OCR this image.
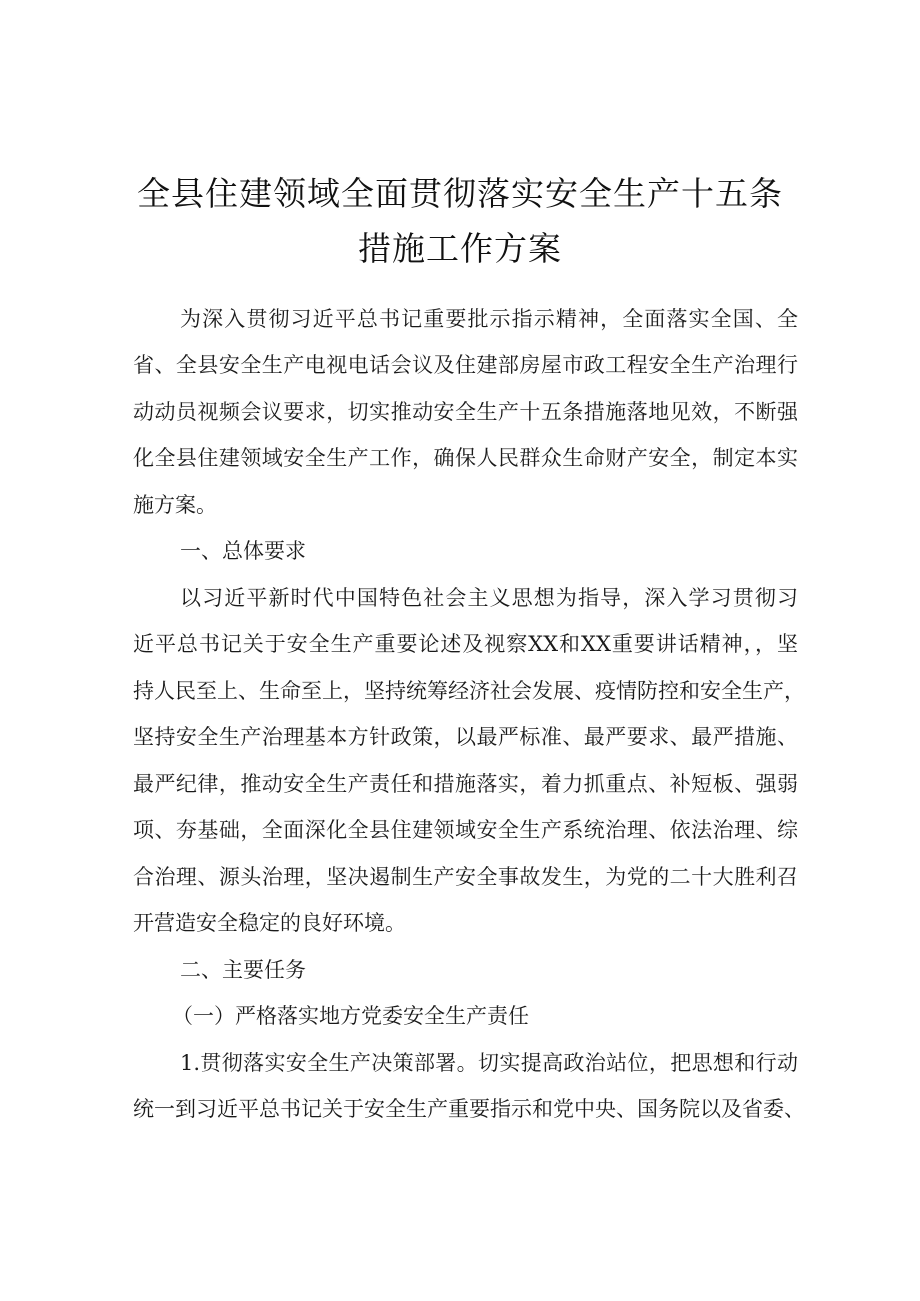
全县住建领域全面贯彻落实安全生产十五条
措施工作方案
为深入贯彻习近平总书记重要批示指示精神，全面落实全国、全
省、全县安全生产电视电话会议及住建部房屋市政工程安全生产治理行
动动员视频会议要求，切实推动安全生产十五条措施落地见效，不断强
化全县住建领域安全生产工作，确保人民群众生命财产安全，制定本实
施方案。
一、总体要求
以习近平新时代中国特色社会主义思想为指导，深入学习贯彻习
近平总书记关于安全生产重要论述及视察XX和XX重要讲话精神，，坚
持人民至上、生命至上，坚持统筹经济社会发展、疫情防控和安全生产，
坚持安全生产治理基本方针政策，以最严标准、最严要求、最严措施、
最严纪律，推动安全生产责任和措施落实，着力抓重点、补短板、强弱
项、夯基础，全面深化全县住建领域安全生产系统治理、依法治理、综
合治理、源头治理，坚决遏制生产安全事故发生，为党的二十大胜利召
开营造安全稳定的良好环境。
二、主要任务
（一）严格落实地方党委安全生产责任
1.贯彻落实安全生产决策部署。切实提高政治站位，把思想和行动
统一到习近平总书记关于安全生产重要指示和党中央、国务院以及省委、
